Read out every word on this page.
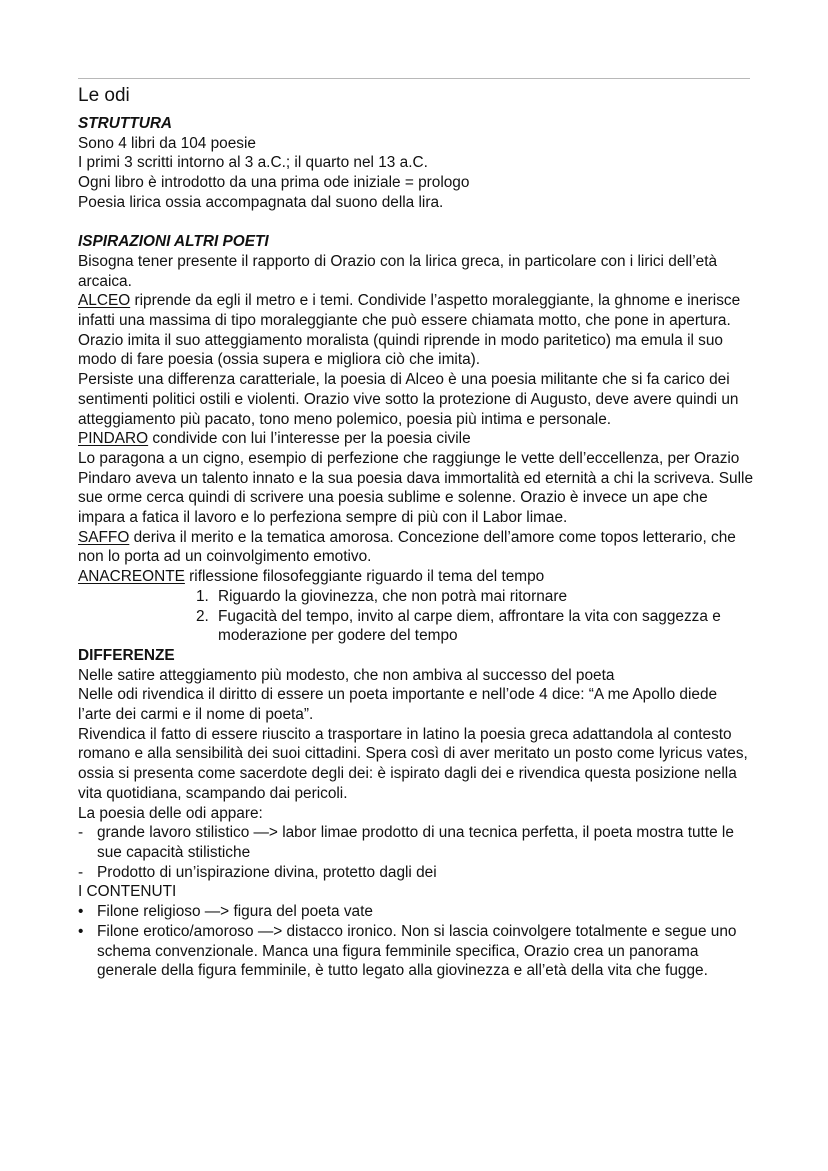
Le odi

STRUTTURA

Sono 4 libri da 104 poesie

I primi 3 scritti intorno al 3 a.C.; il quarto nel 13 a.C.

Ogni libro è introdotto da una prima ode iniziale = prologo

Poesia lirica ossia accompagnata dal suono della lira.

ISPIRAZIONI ALTRI POETI

Bisogna tener presente il rapporto di Orazio con la lirica greca, in particolare con i lirici dell’età arcaica.

ALCEO riprende da egli il metro e i temi. Condivide l’aspetto moraleggiante, la ghnome e inerisce infatti una massima di tipo moraleggiante che può essere chiamata motto, che pone in apertura.

Orazio imita il suo atteggiamento moralista (quindi riprende in modo paritetico) ma emula il suo modo di fare poesia (ossia supera e migliora ciò che imita).

Persiste una differenza caratteriale, la poesia di Alceo è una poesia militante che si fa carico dei sentimenti politici ostili e violenti. Orazio vive sotto la protezione di Augusto, deve avere quindi un atteggiamento più pacato, tono meno polemico, poesia più intima e personale.

PINDARO condivide con lui l’interesse per la poesia civile

Lo paragona a un cigno, esempio di perfezione che raggiunge le vette dell’eccellenza, per Orazio Pindaro aveva un talento innato e la sua poesia dava immortalità ed eternità a chi la scriveva. Sulle sue orme cerca quindi di scrivere una poesia sublime e solenne. Orazio è invece un ape che impara a fatica il lavoro e lo perfeziona sempre di più con il Labor limae.

SAFFO deriva il merito e la tematica amorosa. Concezione dell’amore come topos letterario, che non lo porta ad un coinvolgimento emotivo.

ANACREONTE riflessione filosofeggiante riguardo il tema del tempo

1. Riguardo la giovinezza, che non potrà mai ritornare
2. Fugacità del tempo, invito al carpe diem, affrontare la vita con saggezza e moderazione per godere del tempo

DIFFERENZE

Nelle satire atteggiamento più modesto, che non ambiva al successo del poeta

Nelle odi rivendica il diritto di essere un poeta importante e nell’ode 4 dice: “A me Apollo diede l’arte dei carmi e il nome di poeta”.

Rivendica il fatto di essere riuscito a trasportare in latino la poesia greca adattandola al contesto romano e alla sensibilità dei suoi cittadini. Spera così di aver meritato un posto come lyricus vates, ossia si presenta come sacerdote degli dei: è ispirato dagli dei e rivendica questa posizione nella vita quotidiana, scampando dai pericoli.

La poesia delle odi appare:

- grande lavoro stilistico —> labor limae prodotto di una tecnica perfetta, il poeta mostra tutte le sue capacità stilistiche
- Prodotto di un’ispirazione divina, protetto dagli dei

I CONTENUTI

• Filone religioso —> figura del poeta vate
• Filone erotico/amoroso —> distacco ironico. Non si lascia coinvolgere totalmente e segue uno schema convenzionale. Manca una figura femminile specifica, Orazio crea un panorama generale della figura femminile, è tutto legato alla giovinezza e all’età della vita che fugge.
